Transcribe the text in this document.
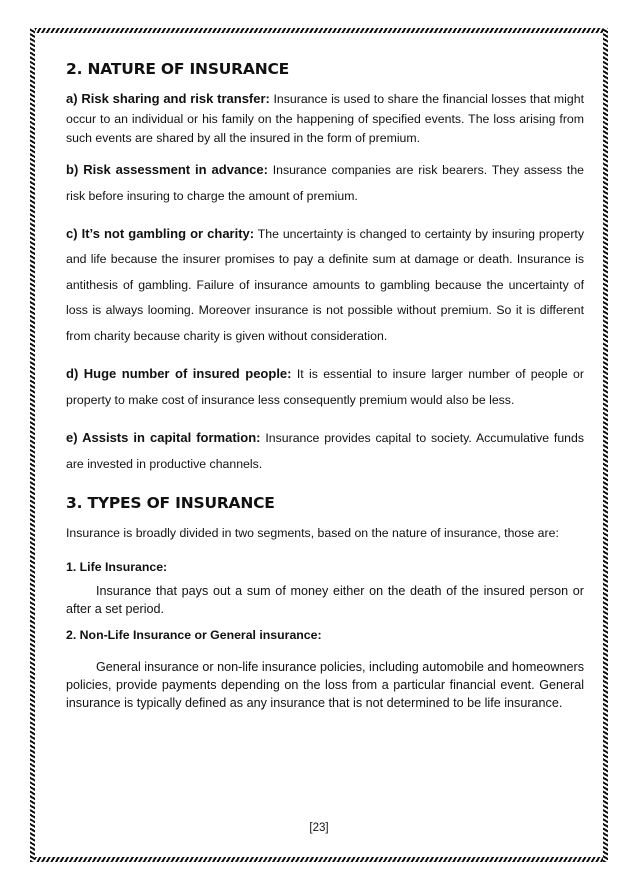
2. NATURE OF INSURANCE

a) Risk sharing and risk transfer: Insurance is used to share the financial losses that might occur to an individual or his family on the happening of specified events. The loss arising from such events are shared by all the insured in the form of premium.

b) Risk assessment in advance: Insurance companies are risk bearers. They assess the risk before insuring to charge the amount of premium.

c) It’s not gambling or charity: The uncertainty is changed to certainty by insuring property and life because the insurer promises to pay a definite sum at damage or death. Insurance is antithesis of gambling. Failure of insurance amounts to gambling because the uncertainty of loss is always looming. Moreover insurance is not possible without premium. So it is different from charity because charity is given without consideration.

d) Huge number of insured people: It is essential to insure larger number of people or property to make cost of insurance less consequently premium would also be less.

e) Assists in capital formation: Insurance provides capital to society. Accumulative funds are invested in productive channels.

3. TYPES OF INSURANCE

Insurance is broadly divided in two segments, based on the nature of insurance, those are:

1. Life Insurance:

Insurance that pays out a sum of money either on the death of the insured person or after a set period.

2. Non-Life Insurance or General insurance:

General insurance or non-life insurance policies, including automobile and homeowners policies, provide payments depending on the loss from a particular financial event. General insurance is typically defined as any insurance that is not determined to be life insurance.

[23]
